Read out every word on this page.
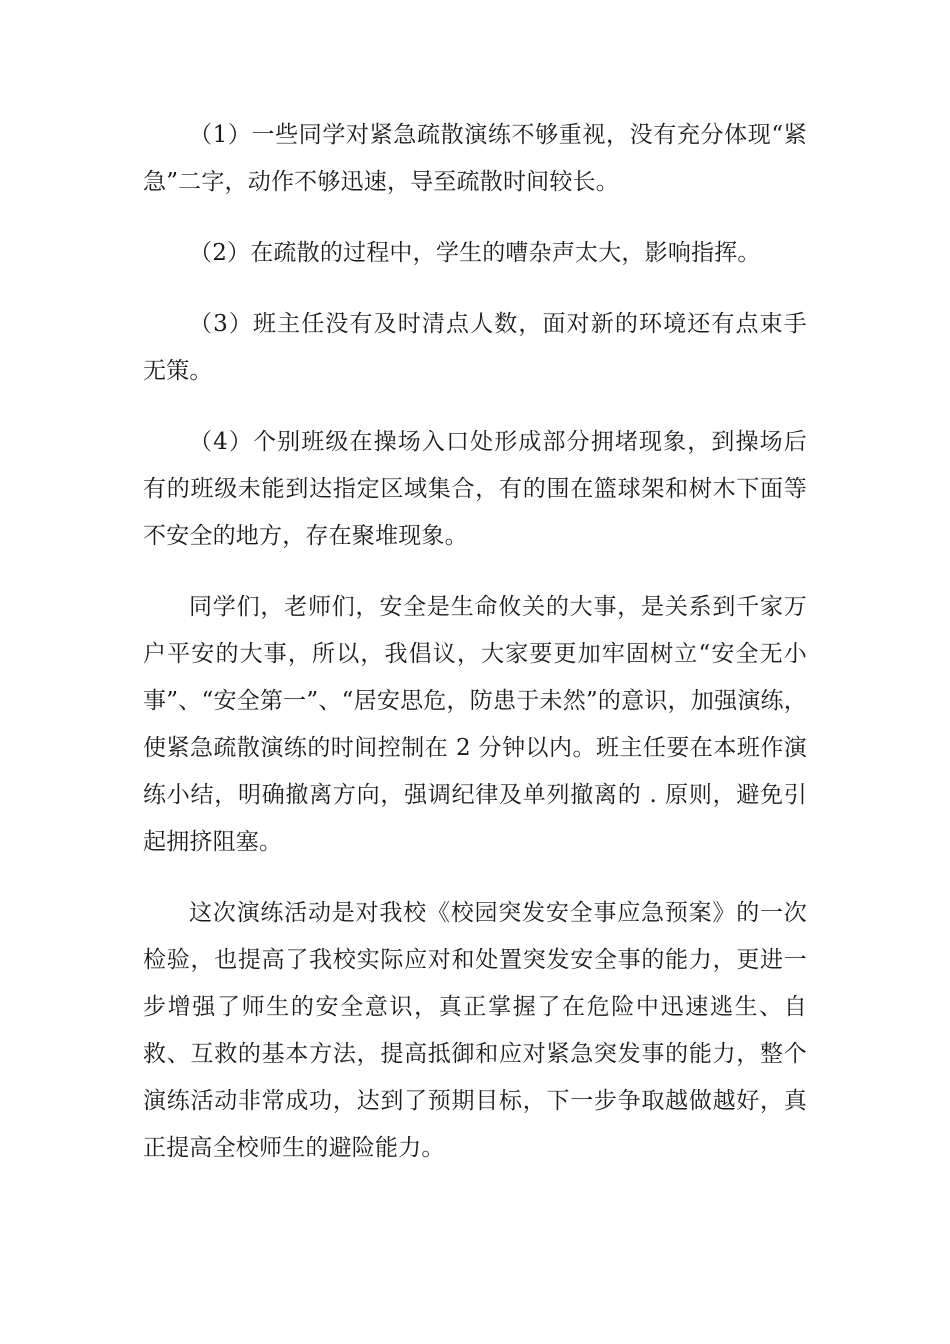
（1）一些同学对紧急疏散演练不够重视，没有充分体现“紧急”二字，动作不够迅速，导至疏散时间较长。

（2）在疏散的过程中，学生的嘈杂声太大，影响指挥。

（3）班主任没有及时清点人数，面对新的环境还有点束手无策。

（4）个别班级在操场入口处形成部分拥堵现象，到操场后有的班级未能到达指定区域集合，有的围在篮球架和树木下面等不安全的地方，存在聚堆现象。

同学们，老师们，安全是生命攸关的大事，是关系到千家万户平安的大事，所以，我倡议，大家要更加牢固树立“安全无小事”、“安全第一”、“居安思危，防患于未然”的意识，加强演练，使紧急疏散演练的时间控制在 2 分钟以内。班主任要在本班作演练小结，明确撤离方向，强调纪律及单列撤离的 . 原则，避免引起拥挤阻塞。

这次演练活动是对我校《校园突发安全事应急预案》的一次检验，也提高了我校实际应对和处置突发安全事的能力，更进一步增强了师生的安全意识，真正掌握了在危险中迅速逃生、自救、互救的基本方法，提高抵御和应对紧急突发事的能力，整个演练活动非常成功，达到了预期目标，下一步争取越做越好，真正提高全校师生的避险能力。
